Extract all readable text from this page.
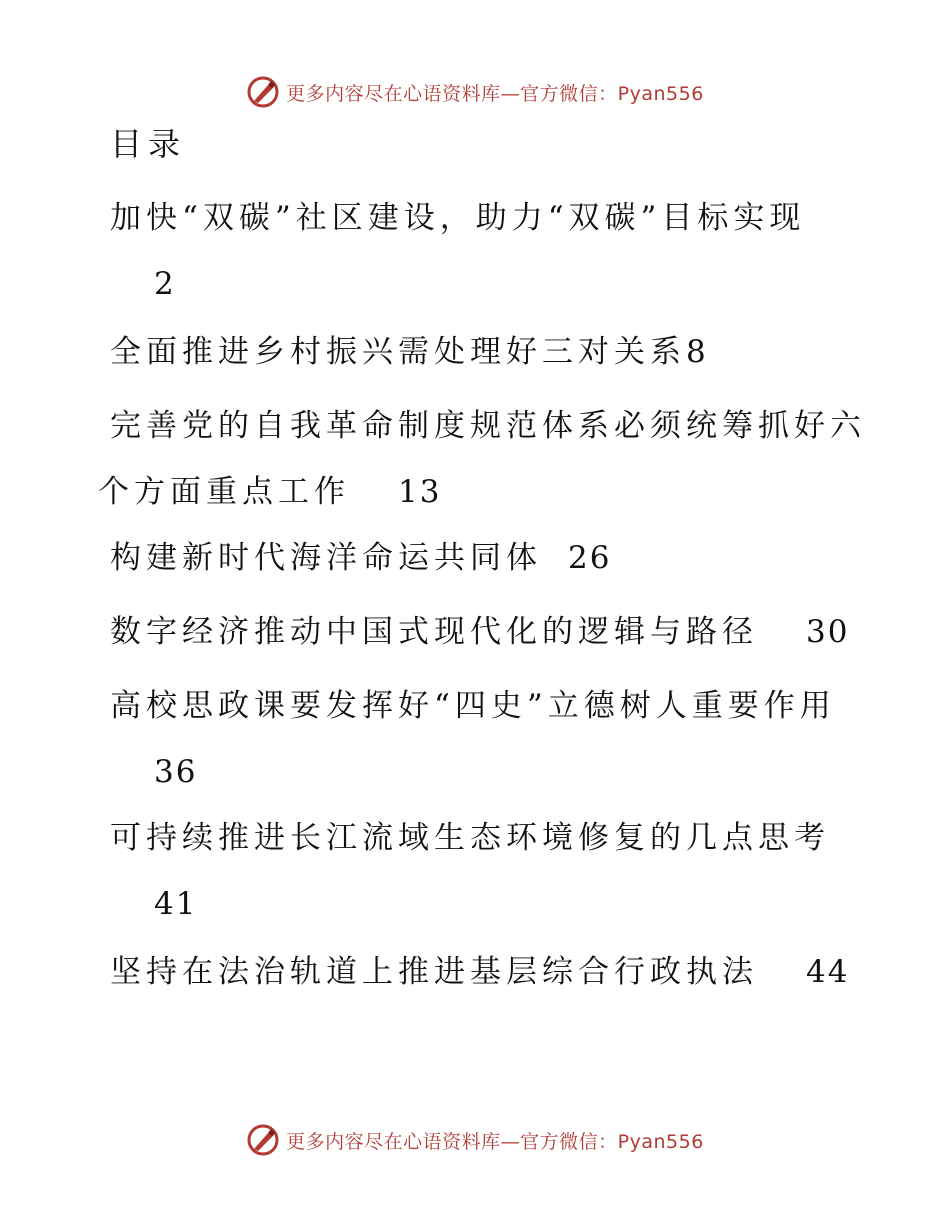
更多内容尽在心语资料库—官方微信：Pyan556
目录
加快“双碳”社区建设，助力“双碳”目标实现
2
全面推进乡村振兴需处理好三对关系8
完善党的自我革命制度规范体系必须统筹抓好六
个方面重点工作 13
构建新时代海洋命运共同体 26
数字经济推动中国式现代化的逻辑与路径 30
高校思政课要发挥好“四史”立德树人重要作用
36
可持续推进长江流域生态环境修复的几点思考
41
坚持在法治轨道上推进基层综合行政执法 44
更多内容尽在心语资料库—官方微信：Pyan556
